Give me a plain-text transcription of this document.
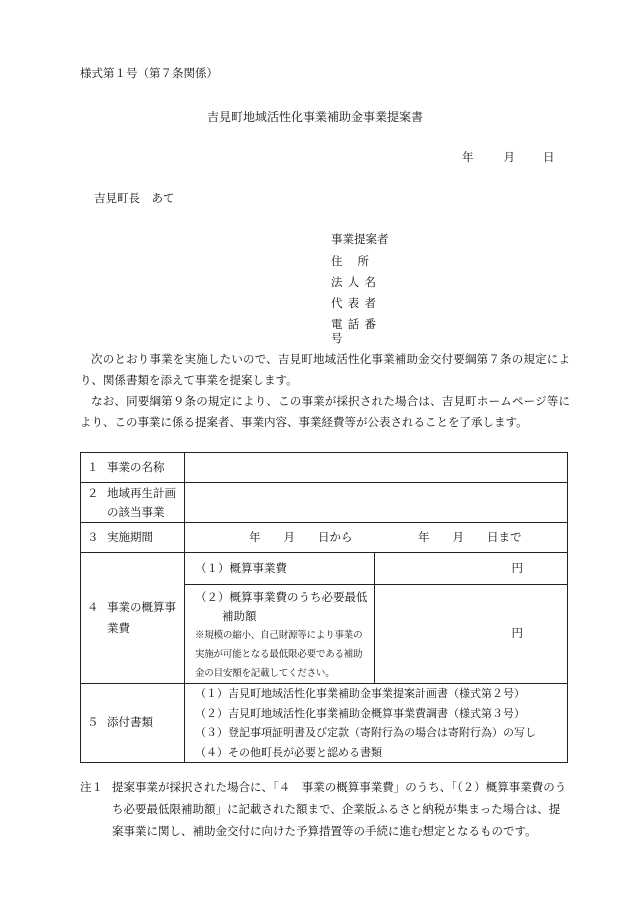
様式第１号（第７条関係）
吉見町地域活性化事業補助金事業提案書
年	月 日
吉見町長　あて
事業提案者
住所
法人名
代表者
電話番号

次のとおり事業を実施したいので、吉見町地域活性化事業補助金交付要綱第７条の規定により、関係書類を添えて事業を提案します。

なお、同要綱第９条の規定により、この事業が採択された場合は、吉見町ホームページ等により、この事業に係る提案者、事業内容、事業経費等が公表されることを了承します。

１ 事業の名称	
２ 地域再生計画
の該当事業	
３ 実施期間	年　　月　　日から	年　　月　　日まで

４ 事業の概算事
業費	
（１）概算事業費	円

（２）概算事業費のうち必要最低
補助額
※規模の縮小、自己財源等により事業の実施が可能となる最低限必要である補助金の目安額を記載してください。
	円

５ 添付書類	
（１）吉見町地域活性化事業補助金事業提案計画書（様式第２号）
（２）吉見町地域活性化事業補助金概算事業費調書（様式第３号）
（３）登記事項証明書及び定款（寄附行為の場合は寄附行為）の写し
（４）その他町長が必要と認める書類
注１ 提案事業が採択された場合に、「４　事業の概算事業費」のうち、「（２）概算事業費のうち必要最低限補助額」に記載された額まで、企業版ふるさと納税が集まった場合は、提案事業に関し、補助金交付に向けた予算措置等の手続に進む想定となるものです。
